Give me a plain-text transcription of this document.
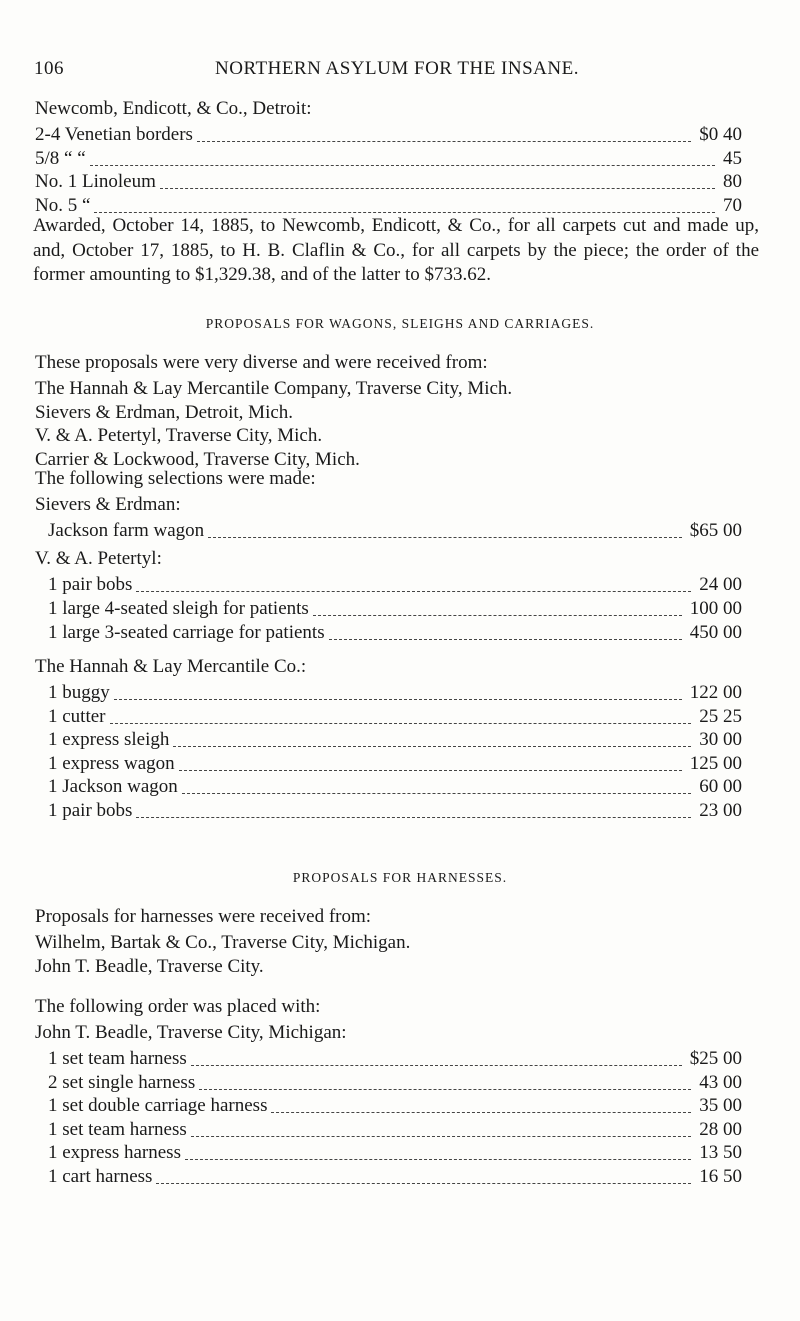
106	NORTHERN ASYLUM FOR THE INSANE.
Newcomb, Endicott, & Co., Detroit:
2-4 Venetian borders	$0 40
5/8 “ “	45
No. 1 Linoleum	80
No. 5 “	70
Awarded, October 14, 1885, to Newcomb, Endicott, & Co., for all carpets cut and made up, and, October 17, 1885, to H. B. Claflin & Co., for all carpets by the piece; the order of the former amounting to $1,329.38, and of the latter to $733.62.
PROPOSALS FOR WAGONS, SLEIGHS AND CARRIAGES.
These proposals were very diverse and were received from:
The Hannah & Lay Mercantile Company, Traverse City, Mich.
Sievers & Erdman, Detroit, Mich.
V. & A. Petertyl, Traverse City, Mich.
Carrier & Lockwood, Traverse City, Mich.
The following selections were made:
Sievers & Erdman:
Jackson farm wagon	$65 00
V. & A. Petertyl:
1 pair bobs	24 00
1 large 4-seated sleigh for patients	100 00
1 large 3-seated carriage for patients	450 00
The Hannah & Lay Mercantile Co.:
1 buggy	122 00
1 cutter	25 25
1 express sleigh	30 00
1 express wagon	125 00
1 Jackson wagon	60 00
1 pair bobs	23 00
PROPOSALS FOR HARNESSES.
Proposals for harnesses were received from:
Wilhelm, Bartak & Co., Traverse City, Michigan.
John T. Beadle, Traverse City.
The following order was placed with:
John T. Beadle, Traverse City, Michigan:
1 set team harness	$25 00
2 set single harness	43 00
1 set double carriage harness	35 00
1 set team harness	28 00
1 express harness	13 50
1 cart harness	16 50
